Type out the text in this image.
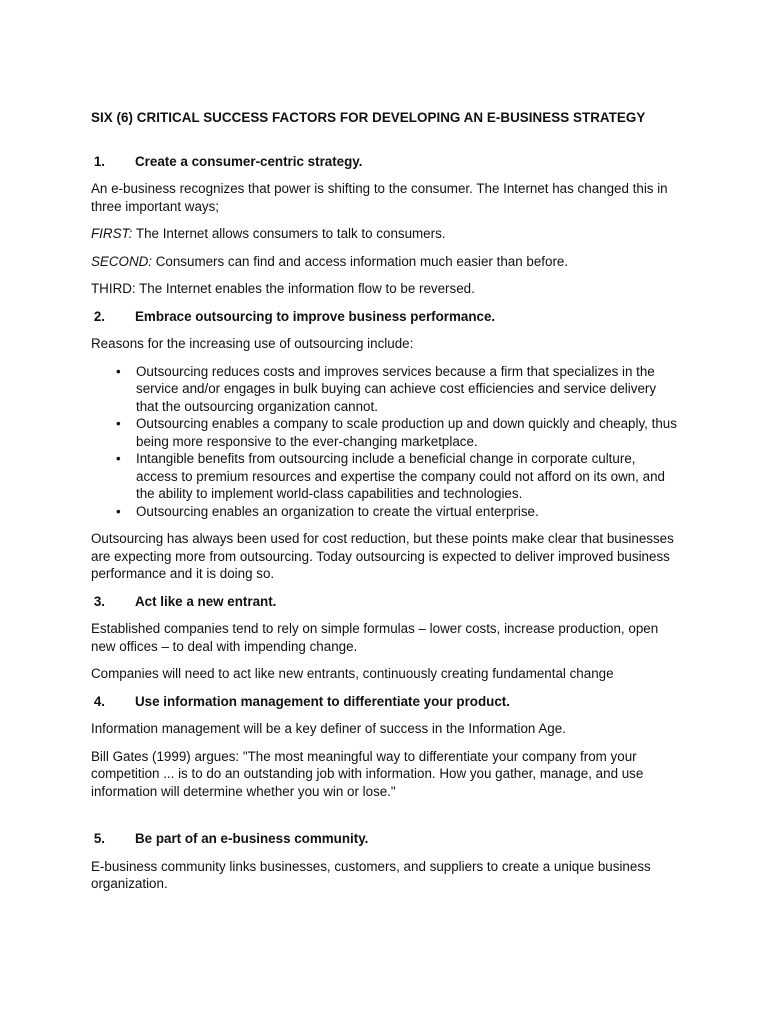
SIX (6) CRITICAL SUCCESS FACTORS FOR DEVELOPING AN E-BUSINESS STRATEGY
1.	Create a consumer-centric strategy.

An e-business recognizes that power is shifting to the consumer. The Internet has changed this in three important ways;

FIRST: The Internet allows consumers to talk to consumers.

SECOND: Consumers can find and access information much easier than before.

THIRD: The Internet enables the information flow to be reversed.

2.	Embrace outsourcing to improve business performance.

Reasons for the increasing use of outsourcing include:

• Outsourcing reduces costs and improves services because a firm that specializes in the service and/or engages in bulk buying can achieve cost efficiencies and service delivery that the outsourcing organization cannot.
• Outsourcing enables a company to scale production up and down quickly and cheaply, thus being more responsive to the ever-changing marketplace.
• Intangible benefits from outsourcing include a beneficial change in corporate culture, access to premium resources and expertise the company could not afford on its own, and the ability to implement world-class capabilities and technologies.
• Outsourcing enables an organization to create the virtual enterprise.

Outsourcing has always been used for cost reduction, but these points make clear that businesses are expecting more from outsourcing. Today outsourcing is expected to deliver improved business performance and it is doing so.

3.	Act like a new entrant.

Established companies tend to rely on simple formulas – lower costs, increase production, open new offices – to deal with impending change.

Companies will need to act like new entrants, continuously creating fundamental change

4.	Use information management to differentiate your product.

Information management will be a key definer of success in the Information Age.

Bill Gates (1999) argues: "The most meaningful way to differentiate your company from your competition ... is to do an outstanding job with information. How you gather, manage, and use information will determine whether you win or lose."

5.	Be part of an e-business community.

E-business community links businesses, customers, and suppliers to create a unique business organization.
